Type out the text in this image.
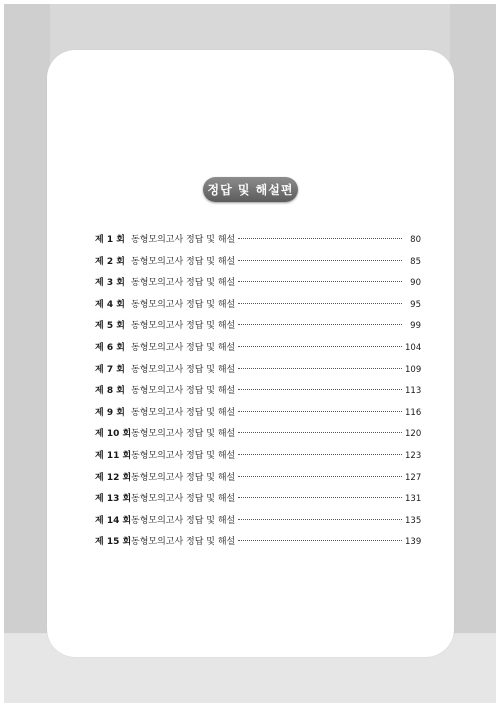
정답 및 해설편
제 1 회 동형모의고사 정답 및 해설	80
제 2 회 동형모의고사 정답 및 해설	85
제 3 회 동형모의고사 정답 및 해설	90
제 4 회 동형모의고사 정답 및 해설	95
제 5 회 동형모의고사 정답 및 해설	99
제 6 회 동형모의고사 정답 및 해설	104
제 7 회 동형모의고사 정답 및 해설	109
제 8 회 동형모의고사 정답 및 해설	113
제 9 회 동형모의고사 정답 및 해설	116
제 10 회 동형모의고사 정답 및 해설	120
제 11 회 동형모의고사 정답 및 해설	123
제 12 회 동형모의고사 정답 및 해설	127
제 13 회 동형모의고사 정답 및 해설	131
제 14 회 동형모의고사 정답 및 해설	135
제 15 회 동형모의고사 정답 및 해설	139
